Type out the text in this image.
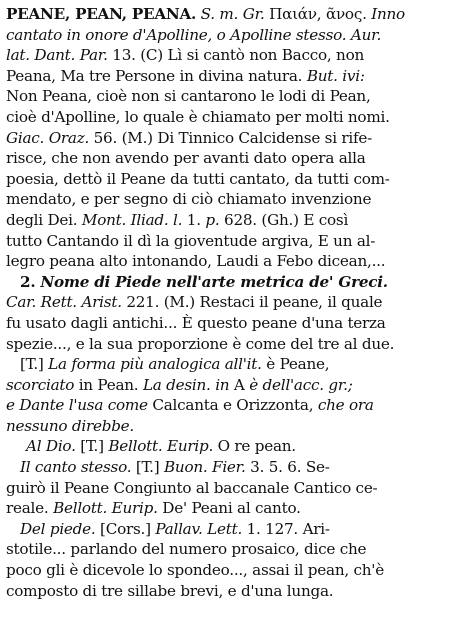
PEANE, PEAN, PEANA. S. m. Gr. Παιάν, ᾶνος. Inno
cantato in onore d'Apolline, o Apolline stesso. Aur.
lat. Dant. Par. 13. (C) Lì si cantò non Bacco, non
Peana, Ma tre Persone in divina natura. But. ivi:
Non Peana, cioè non si cantarono le lodi di Pean,
cioè d'Apolline, lo quale è chiamato per molti nomi.
Giac. Oraz. 56. (M.) Di Tinnico Calcidense si rife-
risce, che non avendo per avanti dato opera alla
poesia, dettò il Peane da tutti cantato, da tutti com-
mendato, e per segno di ciò chiamato invenzione
degli Dei. Mont. Iliad. l. 1. p. 628. (Gh.) E così
tutto Cantando il dì la gioventude argiva, E un al-
legro peana alto intonando, Laudi a Febo dicean,...
2. Nome di Piede nell'arte metrica de' Greci.
Car. Rett. Arist. 221. (M.) Restaci il peane, il quale
fu usato dagli antichi... È questo peane d'una terza
spezie..., e la sua proporzione è come del tre al due.
[T.] La forma più analogica all'it. è Peane,
scorciato in Pean. La desin. in A è dell'acc. gr.;
e Dante l'usa come Calcanta e Orizzonta, che ora
nessuno direbbe.
Al Dio. [T.] Bellott. Eurip. O re pean.
Il canto stesso. [T.] Buon. Fier. 3. 5. 6. Se-
guirò il Peane Congiunto al baccanale Cantico ce-
reale. Bellott. Eurip. De' Peani al canto.
Del piede. [Cors.] Pallav. Lett. 1. 127. Ari-
stotile... parlando del numero prosaico, dice che
poco gli è dicevole lo spondeo..., assai il pean, ch'è
composto di tre sillabe brevi, e d'una lunga.
